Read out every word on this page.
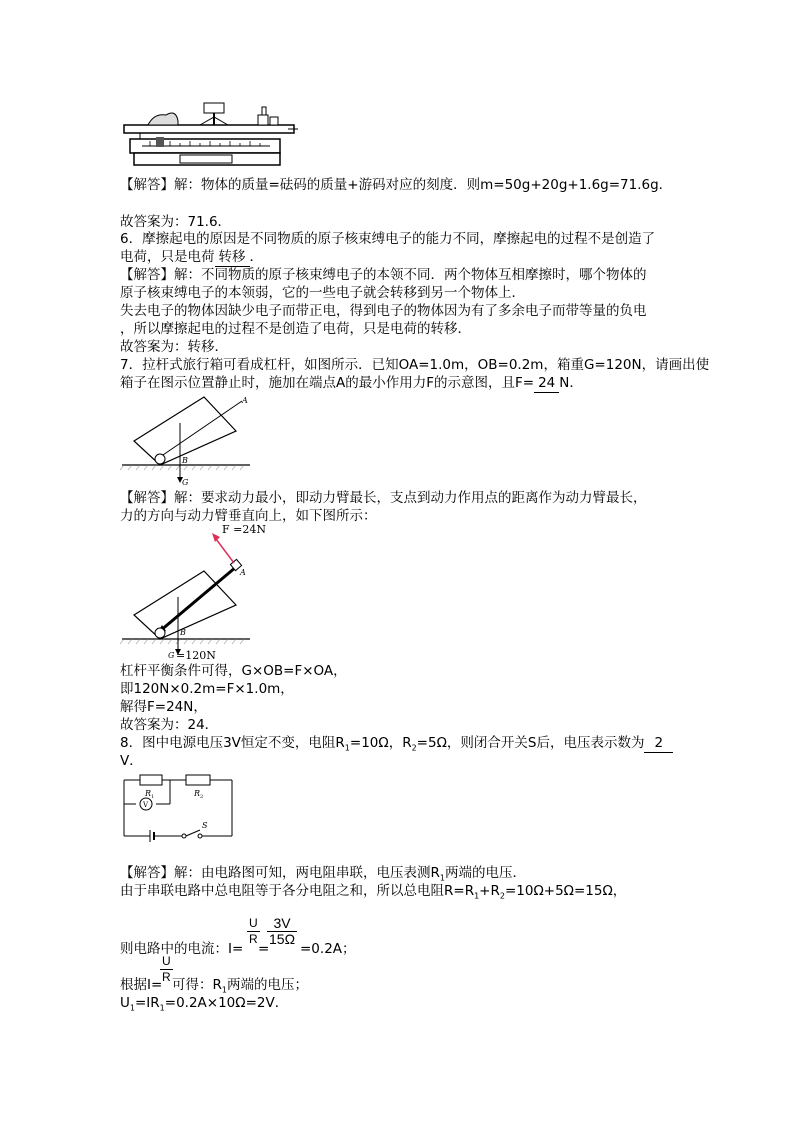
【解答】解：物体的质量=砝码的质量+游码对应的刻度．则m=50g+20g+1.6g=71.6g．
故答案为：71.6．
6．摩擦起电的原因是不同物质的原子核束缚电子的能力不同，摩擦起电的过程不是创造了
电荷，只是电荷 转移 ．
【解答】解：不同物质的原子核束缚电子的本领不同．两个物体互相摩擦时，哪个物体的
原子核束缚电子的本领弱，它的一些电子就会转移到另一个物体上．
失去电子的物体因缺少电子而带正电，得到电子的物体因为有了多余电子而带等量的负电
，所以摩擦起电的过程不是创造了电荷，只是电荷的转移．
故答案为：转移．
7．拉杆式旅行箱可看成杠杆，如图所示．已知OA=1.0m，OB=0.2m，箱重G=120N，请画出使
箱子在图示位置静止时，施加在端点A的最小作用力F的示意图，且F= 24 N．
A
B
G
【解答】解：要求动力最小，即动力臂最长，支点到动力作用点的距离作为动力臂最长，
力的方向与动力臂垂直向上，如下图所示：
F =24N
A
B
G =120N
杠杆平衡条件可得，G×OB=F×OA，
即120N×0.2m=F×1.0m，
解得F=24N，
故答案为：24．
8．图中电源电压3V恒定不变，电阻$R_1=10\Omega$，$R_2=5\Omega$，则闭合开关S后，电压表示数为 2
V．
R 1	R 2
V
S
【解答】解：由电路图可知，两电阻串联，电压表测$R_1$两端的电压．
由于串联电路中总电阻等于各分电阻之和，所以总电阻$R=R_1+R_2=10\Omega+5\Omega=15\Omega$，
则电路中的电流：I=
$\frac{U}{R}$
=
$\frac{3V}{15\Omega}$
=0.2A；
根据I=
$\frac{U}{R}$ 可得：$R_1$两端的电压；
$U_1=IR_1=0.2A\times 10\Omega=2V$．
